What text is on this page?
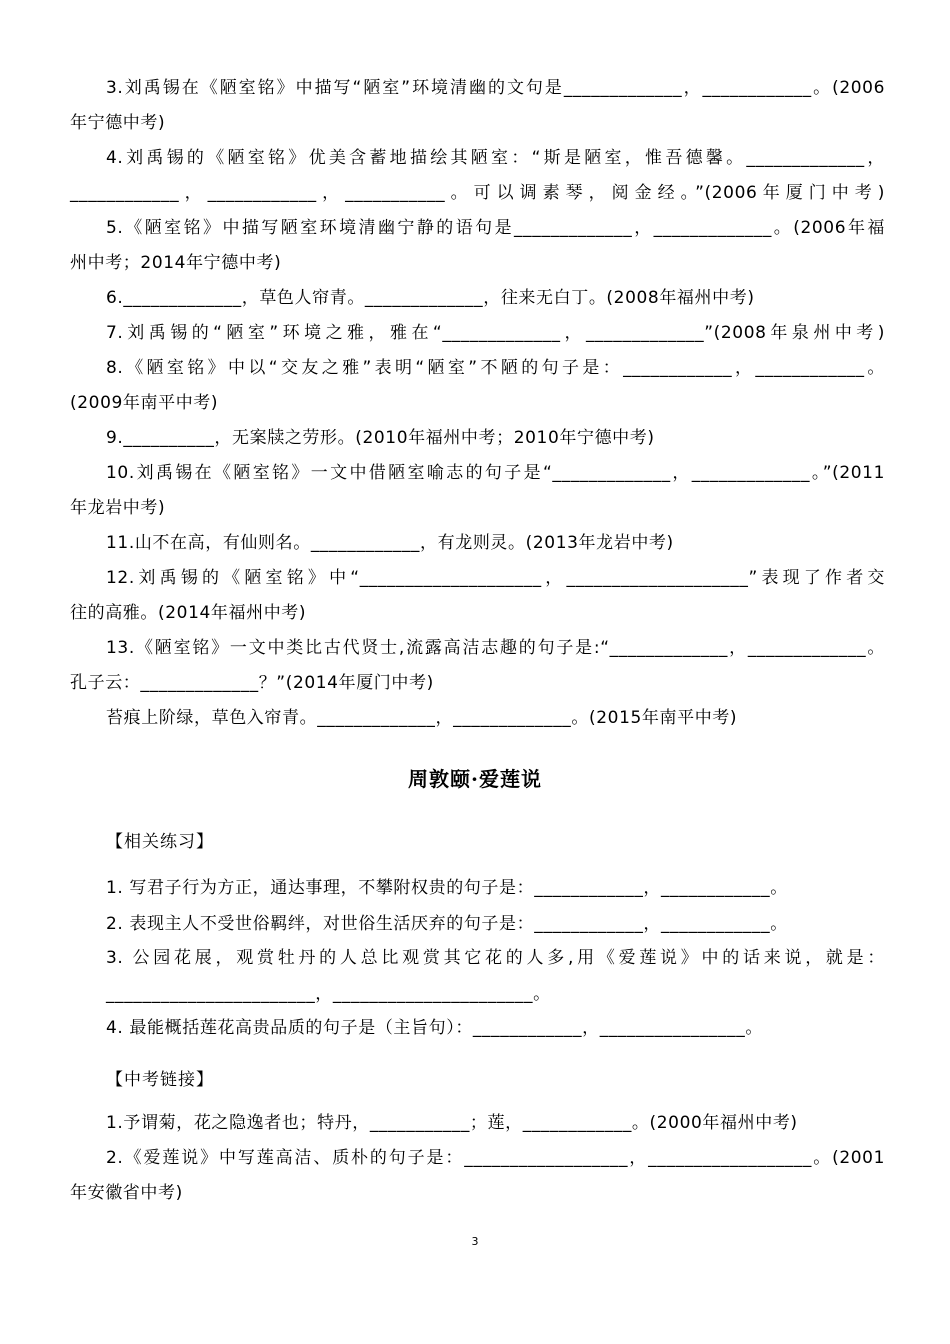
3.刘禹锡在《陋室铭》中描写“陋室”环境清幽的文句是_____________，____________。(2006
年宁德中考)
4.刘禹锡的《陋室铭》优美含蓄地描绘其陋室：“斯是陋室，惟吾德馨。_____________，
____________，____________，___________。可以调素琴，阅金经。”(2006年厦门中考)
5.《陋室铭》中描写陋室环境清幽宁静的语句是_____________，_____________。(2006年福
州中考；2014年宁德中考)
6._____________，草色人帘青。_____________，往来无白丁。(2008年福州中考)
7.刘禹锡的“陋室”环境之雅，雅在“_____________，_____________”(2008年泉州中考)
8.《陋室铭》中以“交友之雅”表明“陋室”不陋的句子是：____________，____________。
(2009年南平中考)
9.__________，无案牍之劳形。(2010年福州中考；2010年宁德中考)
10.刘禹锡在《陋室铭》一文中借陋室喻志的句子是“_____________，_____________。”(2011
年龙岩中考)
11.山不在高，有仙则名。____________，有龙则灵。(2013年龙岩中考)
12.刘禹锡的《陋室铭》中“____________________，____________________”表现了作者交
往的高雅。(2014年福州中考)
13.《陋室铭》一文中类比古代贤士,流露高洁志趣的句子是:“_____________，_____________。
孔子云：_____________？”(2014年厦门中考)
苔痕上阶绿，草色入帘青。_____________，_____________。(2015年南平中考)
周敦颐·爱莲说
【相关练习】
1. 写君子行为方正，通达事理，不攀附权贵的句子是：____________，____________。
2. 表现主人不受世俗羁绊，对世俗生活厌弃的句子是：____________，____________。
3. 公园花展，观赏牡丹的人总比观赏其它花的人多,用《爱莲说》中的话来说，就是：
_______________________，______________________。
4. 最能概括莲花高贵品质的句子是（主旨句）：____________，________________。
【中考链接】
1.予谓菊，花之隐逸者也；特丹，___________；莲，____________。(2000年福州中考)
2.《爱莲说》中写莲高洁、质朴的句子是：__________________，__________________。(2001
年安徽省中考)
3
